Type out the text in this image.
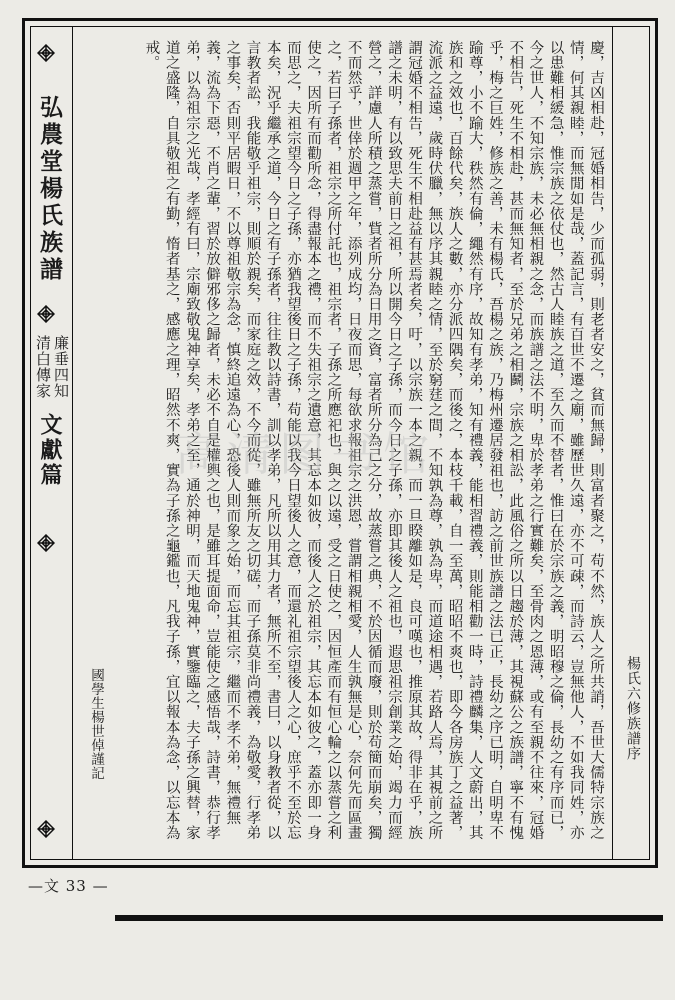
弘農堂楊氏族譜
廉垂四知
清白傳家
文獻篇	慶，吉凶相赴，冠婚相告，少而孤弱，則老者安之，貧而無歸，則富者聚之，苟不然，族人之所共誚，吾世大儒特宗族之情，何其親睦，而無閒如是哉，蓋記言，有百世不遷之廟，雖歷世久遠，亦不可疎，而詩云，豈無他人，不如我同姓，亦以患難相緩急，惟宗族之依仗也，然古人睦族之道，至久而不替者，惟曰在於宗族之義，明昭穆之倫，長幼之有序而已，今之世人，不知宗族，未必無相親之念，而族譜之法不明，卑於孝弟之行實難矣，至骨肉之恩薄，或有至親不往來，冠婚不相告，死生不相赴，甚而無知者，至於兄弟之相鬬，宗族之相訟，此風俗之所以日趨於薄，其視蘇公之族譜，寧不有愧乎，梅之巨姓，修族之善，未有楊氏，吾楊之族，乃梅州遷居發祖也，訪之前世族譜之法已正，長幼之序已明，自明卑不踰尊，小不踰大，秩然有倫，繩然有序，故知有孝弟，知有禮義，能相習禮義，則能相勸一時，詩禮麟集，人文蔚出，其族和之效也，百餘代矣，族人之數，亦分派四隅矣，而後之，本枝千載，自一至萬，昭昭不爽也，即今各房族丁之益著，流派之益遠，歲時伏臘，無以序其親睦之情，至於窮莛之間，不知孰為尊，孰為卑，而道途相遇，若路人焉，其視前之所謂冠婚不相告，死生不相赴益有甚焉者矣，吁，以宗族一本之親，而一旦睽離如是，良可嘆也，推原其故，得非在乎，族譜之未明，有以致思夫前日之祖，所以開今日之子孫，而今日之子孫，亦即其後人之祖也，遐思祖宗創業之始，竭力而經營之，詳慮人所積之蒸嘗，貲者所分為日用之資，富者所分為己之分，故蒸嘗之典，不於因循而廢，則於苟簡而崩矣，獨不而然乎，世倖於週甲之年，添列成均，日夜而思，每欲求報祖宗之洪恩，嘗謂相親相愛，人生孰無是心，奈何先而區畫之，若曰子孫者，祖宗之所付託也，祖宗者，子孫之所應祀也，與之以遠，受之日使之，因恒產而有恒心輪之以蒸嘗之利使之，因所有而勸所念，得盡報本之禮，而不失祖宗之遺意，其忘本如彼，而後人之於祖宗，其忘本如彼之，蓋亦即一身而思之，夫祖宗望今日之子孫，亦猶我望後日之子孫，苟能以我今日望後人之意，而還礼祖宗望後人之心，庶乎不至於忘本矣，況乎繼承之道，今日之有子孫者，往往教以詩書，訓以孝弟，凡所以用其力者，無所不至，書曰，以身教者從，以言教者訟，我能敬乎祖宗，則順於親矣，而家庭之效，不今而從，雖無所友之切磋，而子孫莫非尚禮義，為敬愛，行孝弟之事矣，否則平居暇日，不以尊祖敬宗為念，慎終追遠為心，恐後人則而象之始，而忘其祖宗，繼而不孝不弟，無禮無義，流為下惡，不肖之輩，習於放僻邪侈之歸者，未必不自是權輿之也，是雖耳提面命，豈能使之感悟哉，詩書，恭行孝弟，以為祖宗之光哉，孝經有曰，宗廟致敬鬼神享矣，孝弟之至，通於神明，而天地鬼神，實鑒臨之，夫子孫之興替，家道之盛隆，自具敬祖之有勤，惰者基之，感應之理，昭然不爽，實為子孫之龜鑑也，凡我子孫，宜以報本為念，以忘本為戒。

國學生楊世倬謹記	楊氏六修族譜序
高清图书馆
—文 33 —
